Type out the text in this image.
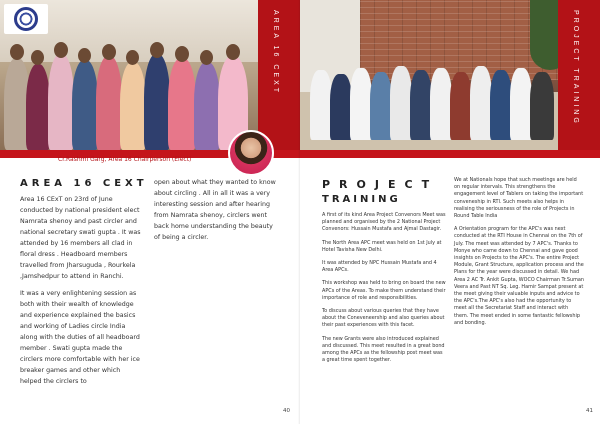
AREA 16 CEXT
Cr.Rashmi Garg, Area 16 Chairperson (Elect)
AREA 16 CEXT

Area 16 CExT on 23rd of June conducted by national president elect Namrata shenoy and past circler and national secretary swati gupta . It was attended by 16 members all clad in floral dress . Headboard members travelled from Jharsuguda , Rourkela ,Jamshedpur to attend in Ranchi.

It was a very enlightening session as both with their wealth of knowledge and experience explained the basics and working of Ladies circle India along with the duties of all headboard member . Swati gupta made the circlers more comfortable with her ice breaker games and other which helped the circlers to

open about what they wanted to know about circling . All in all it was a very interesting session and after hearing from Namrata shenoy, circlers went back home understanding the beauty of being a circler.

40
PROJECT TRAINING
PROJECT
TRAINING

A first of its kind Area Project Convenors Meet was planned and organised by the 2 National Project Convenors: Hussain Mustafa and Ajmal Dastagir.

The North Area APC meet was held on 1st July at Hotel Tavisha New Delhi.

It was attended by NPC Hussain Mustafa and 4 Area APCs.

This workshop was held to bring on board the new APCs of the Areas. To make them understand their importance of role and responsibilities.

To discuss about various queries that they have about the Coneveneership and also queries about their past experiences with this facet.

The new Grants were also introduced explained and discussed. This meet resulted in a great bond among the APCs as the fellowship post meet was a great time spent together.

We at Nationals hope that such meetings are held on regular intervals. This strengthens the engagement level of Tablers on taking the important conveneship in RTI. Such meets also helps in realising the seriousness of the role of Projects in Round Table India

A Orientation program for the APC's was next conducted at the RTI House in Chennai on the 7th of July. The meet was attended by 7 APC's. Thanks to Monye who came down to Chennai and gave good insights on Projects to the APC's. The entire Project Module, Grant Structure, application process and the Plans for the year were discussed in detail. We had Area 2 AC Tr. Ankit Gupta, WOCO Chairman Tr.Suman Veera and Past NT Sq. Leg. Hamir Sampat present at the meet giving their valuable inputs and advice to the APC's.The APC's also had the opportunity to meet all the Secretariat Staff and interact with them. The meet ended in some fantastic fellowship and bonding.

41
